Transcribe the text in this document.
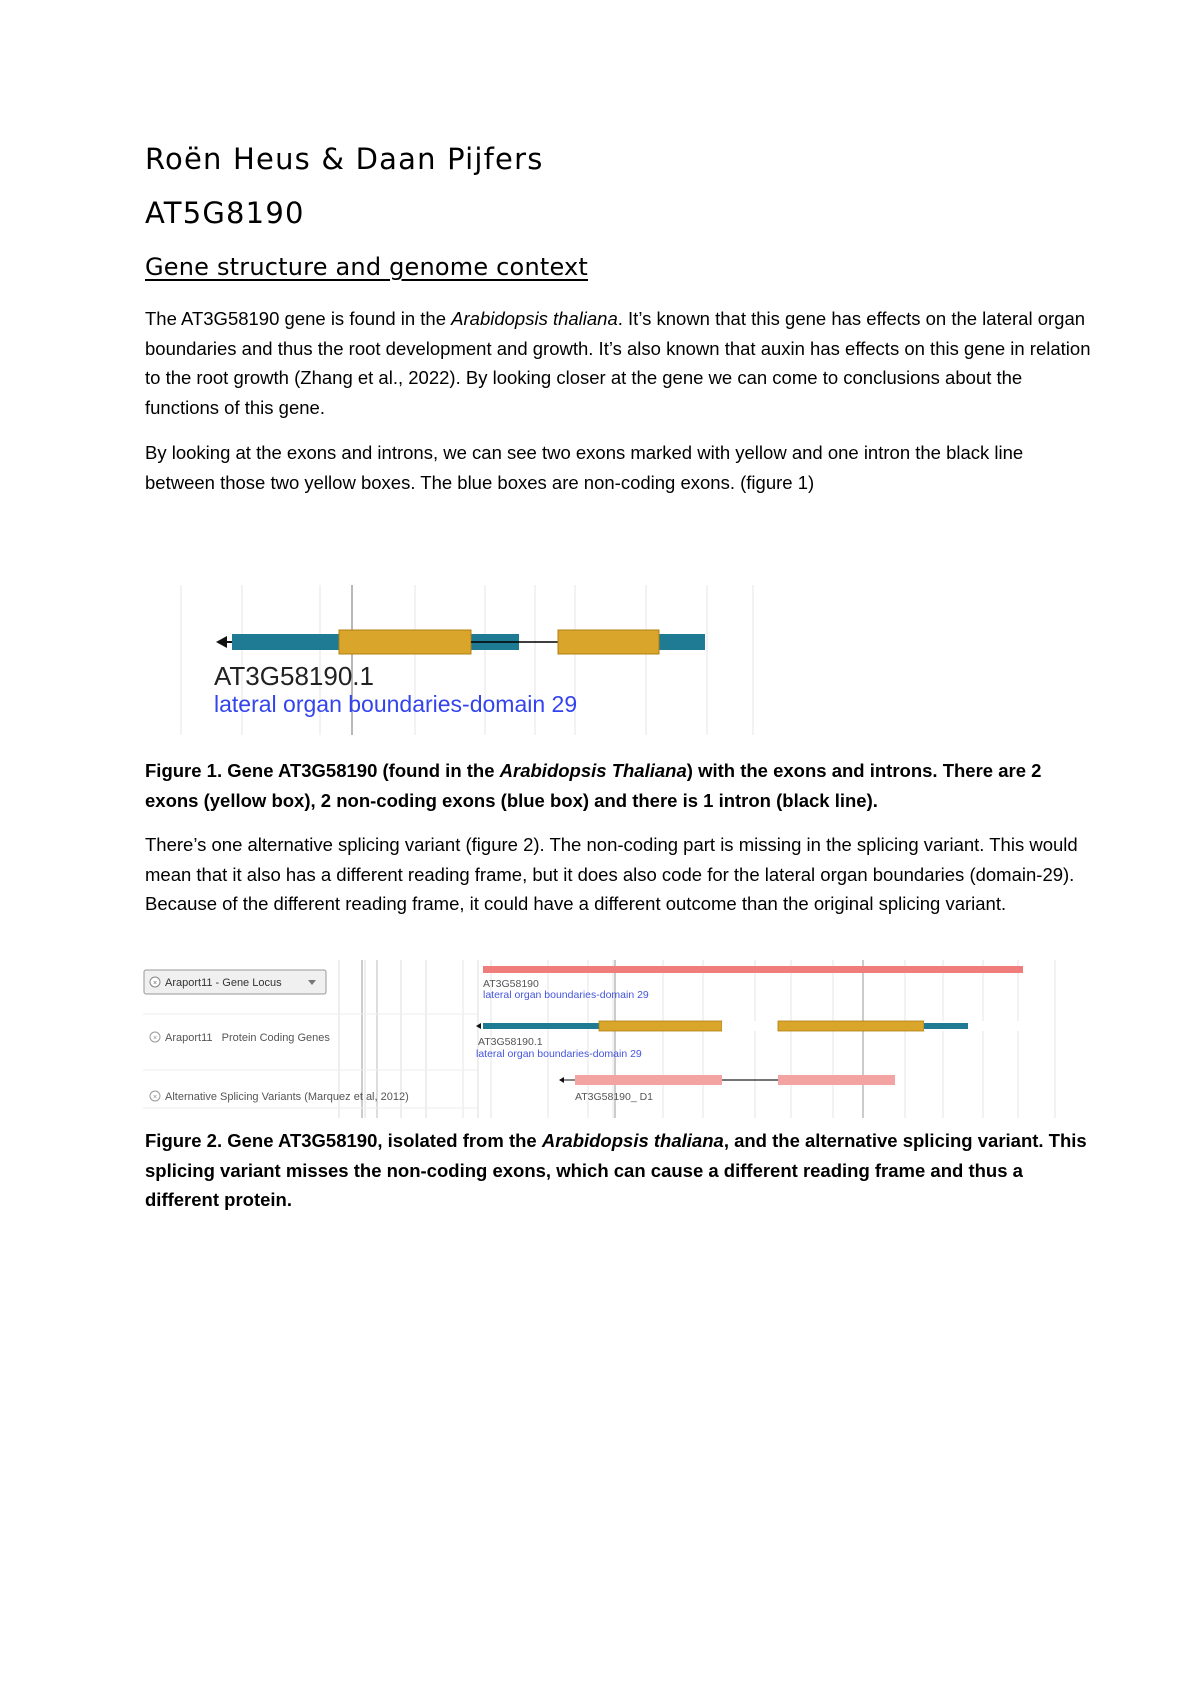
Roën Heus & Daan Pijfers
AT5G8190
Gene structure and genome context

The AT3G58190 gene is found in the Arabidopsis thaliana. It’s known that this gene has effects on the lateral organ boundaries and thus the root development and growth. It’s also known that auxin has effects on this gene in relation to the root growth (Zhang et al., 2022). By looking closer at the gene we can come to conclusions about the functions of this gene.

By looking at the exons and introns, we can see two exons marked with yellow and one intron the black line between those two yellow boxes. The blue boxes are non-coding exons. (figure 1)

AT3G58190.1
lateral organ boundaries-domain 29

Figure 1. Gene AT3G58190 (found in the Arabidopsis Thaliana) with the exons and introns. There are 2 exons (yellow box), 2 non-coding exons (blue box) and there is 1 intron (black line).

There’s one alternative splicing variant (figure 2). The non-coding part is missing in the splicing variant. This would mean that it also has a different reading frame, but it does also code for the lateral organ boundaries (domain-29). Because of the different reading frame, it could have a different outcome than the original splicing variant.

× Araport11 - Gene Locus
× Araport11   Protein Coding Genes
× Alternative Splicing Variants (Marquez et al, 2012)
AT3G58190
lateral organ boundaries-domain 29
AT3G58190.1
lateral organ boundaries-domain 29
AT3G58190_ D1

Figure 2. Gene AT3G58190, isolated from the Arabidopsis thaliana, and the alternative splicing variant. This splicing variant misses the non-coding exons, which can cause a different reading frame and thus a different protein.
